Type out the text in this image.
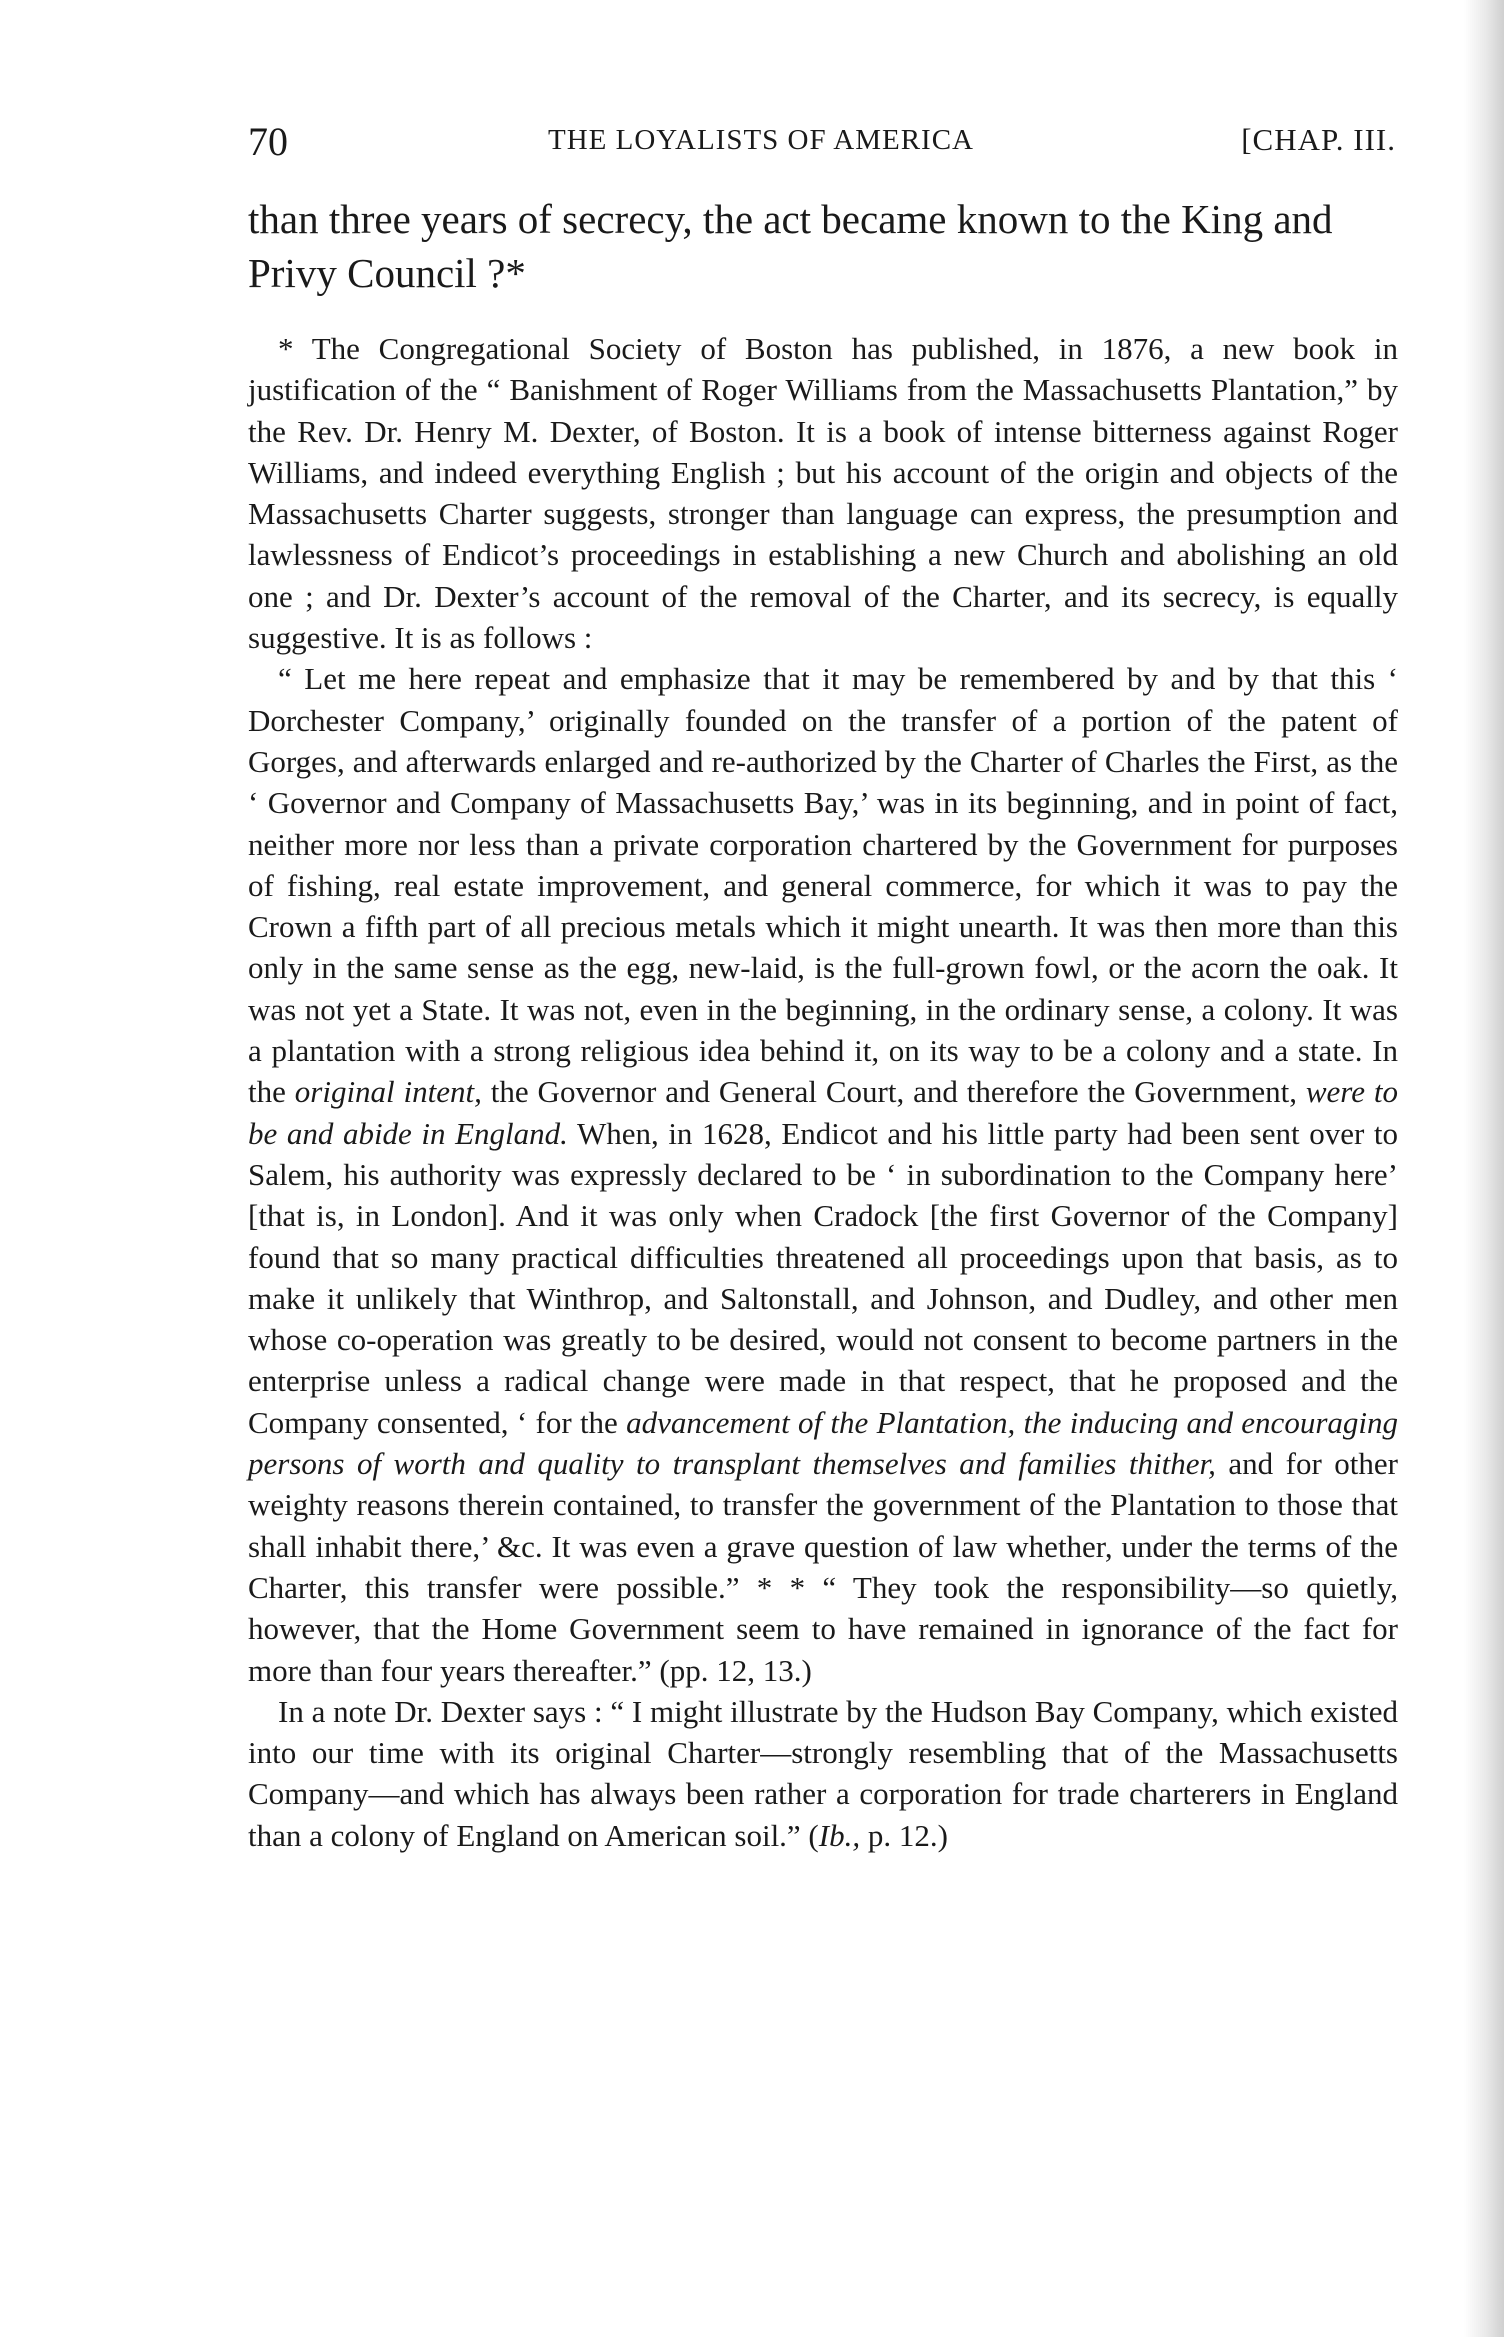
70	THE LOYALISTS OF AMERICA	[CHAP. III.

than three years of secrecy, the act became known to the King and Privy Council ?*

* The Congregational Society of Boston has published, in 1876, a new book in justification of the “ Banishment of Roger Williams from the Massachusetts Plantation,” by the Rev. Dr. Henry M. Dexter, of Boston. It is a book of intense bitterness against Roger Williams, and indeed everything English ; but his account of the origin and objects of the Massachusetts Charter suggests, stronger than language can express, the presumption and lawlessness of Endicot’s proceedings in establishing a new Church and abolishing an old one ; and Dr. Dexter’s account of the removal of the Charter, and its secrecy, is equally suggestive. It is as follows :

“ Let me here repeat and emphasize that it may be remembered by and by that this ‘ Dorchester Company,’ originally founded on the transfer of a portion of the patent of Gorges, and afterwards enlarged and re-authorized by the Charter of Charles the First, as the ‘ Governor and Company of Massachusetts Bay,’ was in its beginning, and in point of fact, neither more nor less than a private corporation chartered by the Government for purposes of fishing, real estate improvement, and general commerce, for which it was to pay the Crown a fifth part of all precious metals which it might unearth. It was then more than this only in the same sense as the egg, new-laid, is the full-grown fowl, or the acorn the oak. It was not yet a State. It was not, even in the beginning, in the ordinary sense, a colony. It was a plantation with a strong religious idea behind it, on its way to be a colony and a state. In the original intent, the Governor and General Court, and therefore the Government, were to be and abide in England. When, in 1628, Endicot and his little party had been sent over to Salem, his authority was expressly declared to be ‘ in subordination to the Company here’ [that is, in London]. And it was only when Cradock [the first Governor of the Company] found that so many practical difficulties threatened all proceedings upon that basis, as to make it unlikely that Winthrop, and Saltonstall, and Johnson, and Dudley, and other men whose co-operation was greatly to be desired, would not consent to become partners in the enterprise unless a radical change were made in that respect, that he proposed and the Company consented, ‘ for the advancement of the Plantation, the inducing and encouraging persons of worth and quality to transplant themselves and families thither, and for other weighty reasons therein contained, to transfer the government of the Plantation to those that shall inhabit there,’ &c. It was even a grave question of law whether, under the terms of the Charter, this transfer were possible.” * * “ They took the responsibility—so quietly, however, that the Home Government seem to have remained in ignorance of the fact for more than four years thereafter.” (pp. 12, 13.)

In a note Dr. Dexter says : “ I might illustrate by the Hudson Bay Company, which existed into our time with its original Charter—strongly resembling that of the Massachusetts Company—and which has always been rather a corporation for trade charterers in England than a colony of England on American soil.” (Ib., p. 12.)
